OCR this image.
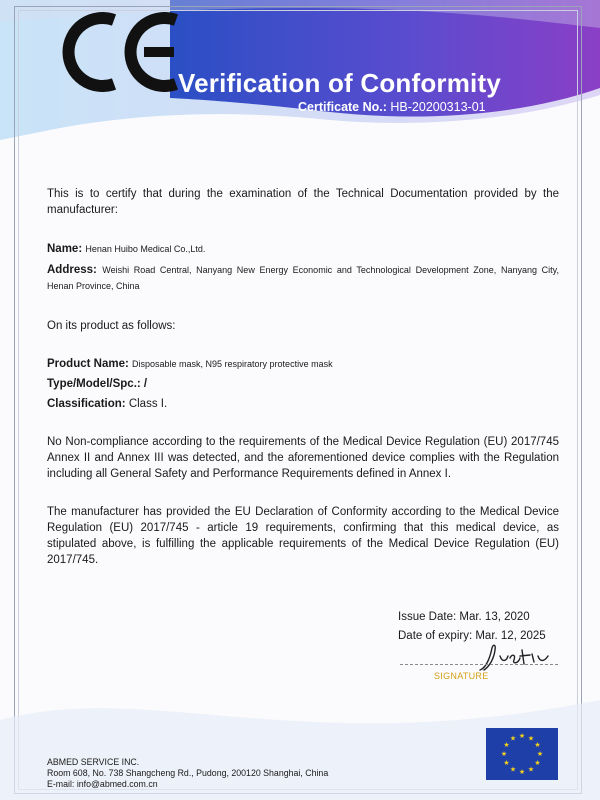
Verification of Conformity
Certificate No.: HB-20200313-01
This is to certify that during the examination of the Technical Documentation provided by the manufacturer:
Name: Henan Huibo Medical Co.,Ltd.
Address: Weishi Road Central, Nanyang New Energy Economic and Technological Development Zone, Nanyang City, Henan Province, China
On its product as follows:
Product Name: Disposable mask, N95 respiratory protective mask
Type/Model/Spc.: /
Classification: Class I.
No Non-compliance according to the requirements of the Medical Device Regulation (EU) 2017/745 Annex II and Annex III was detected, and the aforementioned device complies with the Regulation including all General Safety and Performance Requirements defined in Annex I.
The manufacturer has provided the EU Declaration of Conformity according to the Medical Device Regulation (EU) 2017/745 - article 19 requirements, confirming that this medical device, as stipulated above, is fulfilling the applicable requirements of the Medical Device Regulation (EU) 2017/745.
Issue Date: Mar. 13, 2020
Date of expiry: Mar. 12, 2025
SIGNATURE
ABMED SERVICE INC.
Room 608, No. 738 Shangcheng Rd., Pudong, 200120 Shanghai, China
E-mail: info@abmed.com.cn
★ ★
★
★
★
★
★
★
★
★
★
★
